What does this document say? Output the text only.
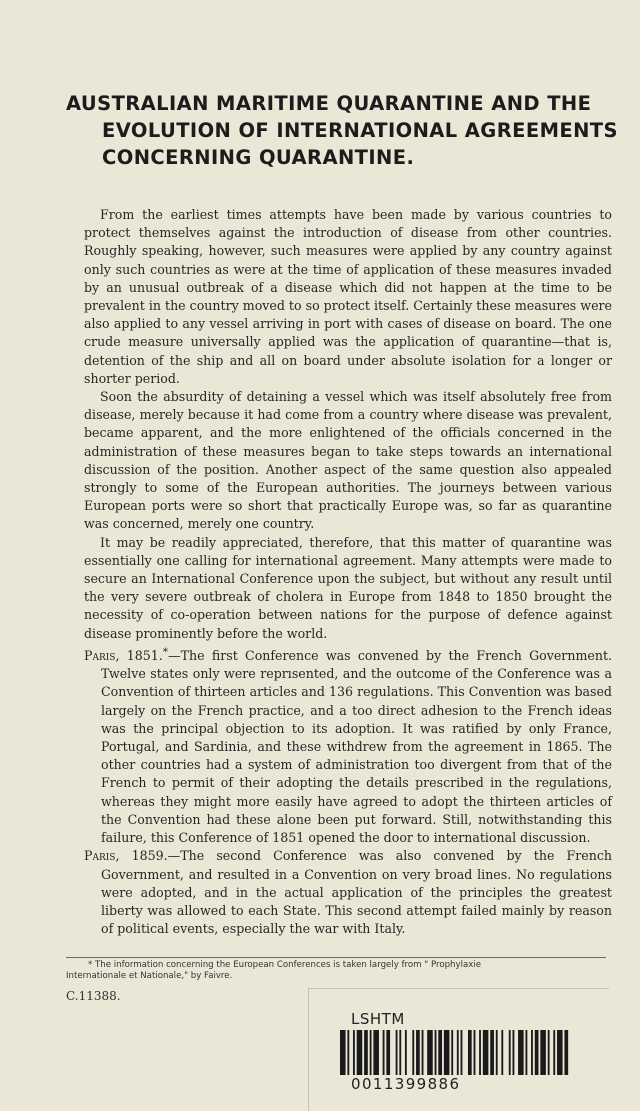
AUSTRALIAN MARITIME QUARANTINE AND THE
EVOLUTION OF INTERNATIONAL AGREEMENTS
CONCERNING QUARANTINE.

From the earliest times attempts have been made by various countries to protect themselves against the introduction of disease from other countries. Roughly speaking, however, such measures were applied by any country against only such countries as were at the time of application of these measures invaded by an unusual outbreak of a disease which did not happen at the time to be prevalent in the country moved to so protect itself. Certainly these measures were also applied to any vessel arriving in port with cases of disease on board. The one crude measure universally applied was the application of quarantine—that is, detention of the ship and all on board under absolute isolation for a longer or shorter period.

Soon the absurdity of detaining a vessel which was itself absolutely free from disease, merely because it had come from a country where disease was prevalent, became apparent, and the more enlightened of the officials concerned in the administration of these measures began to take steps towards an international discussion of the position. Another aspect of the same question also appealed strongly to some of the European authorities. The journeys between various European ports were so short that practically Europe was, so far as quarantine was concerned, merely one country.

It may be readily appreciated, therefore, that this matter of quarantine was essentially one calling for international agreement. Many attempts were made to secure an International Conference upon the subject, but without any result until the very severe outbreak of cholera in Europe from 1848 to 1850 brought the necessity of co-operation between nations for the purpose of defence against disease prominently before the world.

Paris, 1851.*—The first Conference was convened by the French Government. Twelve states only were reprısented, and the outcome of the Conference was a Convention of thirteen articles and 136 regulations. This Convention was based largely on the French practice, and a too direct adhesion to the French ideas was the principal objection to its adoption. It was ratified by only France, Portugal, and Sardinia, and these withdrew from the agreement in 1865. The other countries had a system of administration too divergent from that of the French to permit of their adopting the details prescribed in the regulations, whereas they might more easily have agreed to adopt the thirteen articles of the Convention had these alone been put forward. Still, notwithstanding this failure, this Conference of 1851 opened the door to international discussion.

Paris, 1859.—The second Conference was also convened by the French Government, and resulted in a Convention on very broad lines. No regulations were adopted, and in the actual application of the principles the greatest liberty was allowed to each State. This second attempt failed mainly by reason of political events, especially the war with Italy.

* The information concerning the European Conferences is taken largely from " Prophylaxie
Internationale et Nationale," by Faivre.
C.11388.
LSHTM
0011399886
